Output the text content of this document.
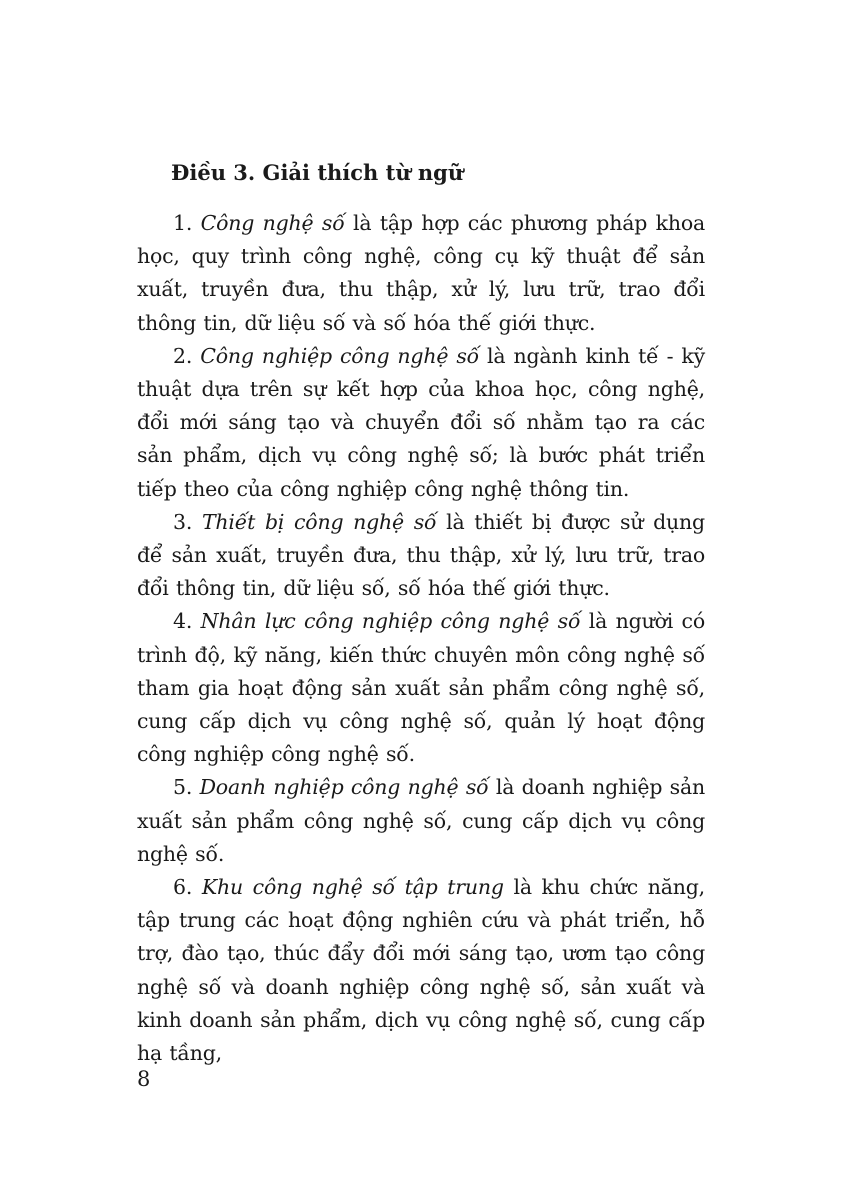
Điều 3. Giải thích từ ngữ

1. Công nghệ số là tập hợp các phương pháp khoa học, quy trình công nghệ, công cụ kỹ thuật để sản xuất, truyền đưa, thu thập, xử lý, lưu trữ, trao đổi thông tin, dữ liệu số và số hóa thế giới thực.

2. Công nghiệp công nghệ số là ngành kinh tế - kỹ thuật dựa trên sự kết hợp của khoa học, công nghệ, đổi mới sáng tạo và chuyển đổi số nhằm tạo ra các sản phẩm, dịch vụ công nghệ số; là bước phát triển tiếp theo của công nghiệp công nghệ thông tin.

3. Thiết bị công nghệ số là thiết bị được sử dụng để sản xuất, truyền đưa, thu thập, xử lý, lưu trữ, trao đổi thông tin, dữ liệu số, số hóa thế giới thực.

4. Nhân lực công nghiệp công nghệ số là người có trình độ, kỹ năng, kiến thức chuyên môn công nghệ số tham gia hoạt động sản xuất sản phẩm công nghệ số, cung cấp dịch vụ công nghệ số, quản lý hoạt động công nghiệp công nghệ số.

5. Doanh nghiệp công nghệ số là doanh nghiệp sản xuất sản phẩm công nghệ số, cung cấp dịch vụ công nghệ số.

6. Khu công nghệ số tập trung là khu chức năng, tập trung các hoạt động nghiên cứu và phát triển, hỗ trợ, đào tạo, thúc đẩy đổi mới sáng tạo, ươm tạo công nghệ số và doanh nghiệp công nghệ số, sản xuất và kinh doanh sản phẩm, dịch vụ công nghệ số, cung cấp hạ tầng,

8
